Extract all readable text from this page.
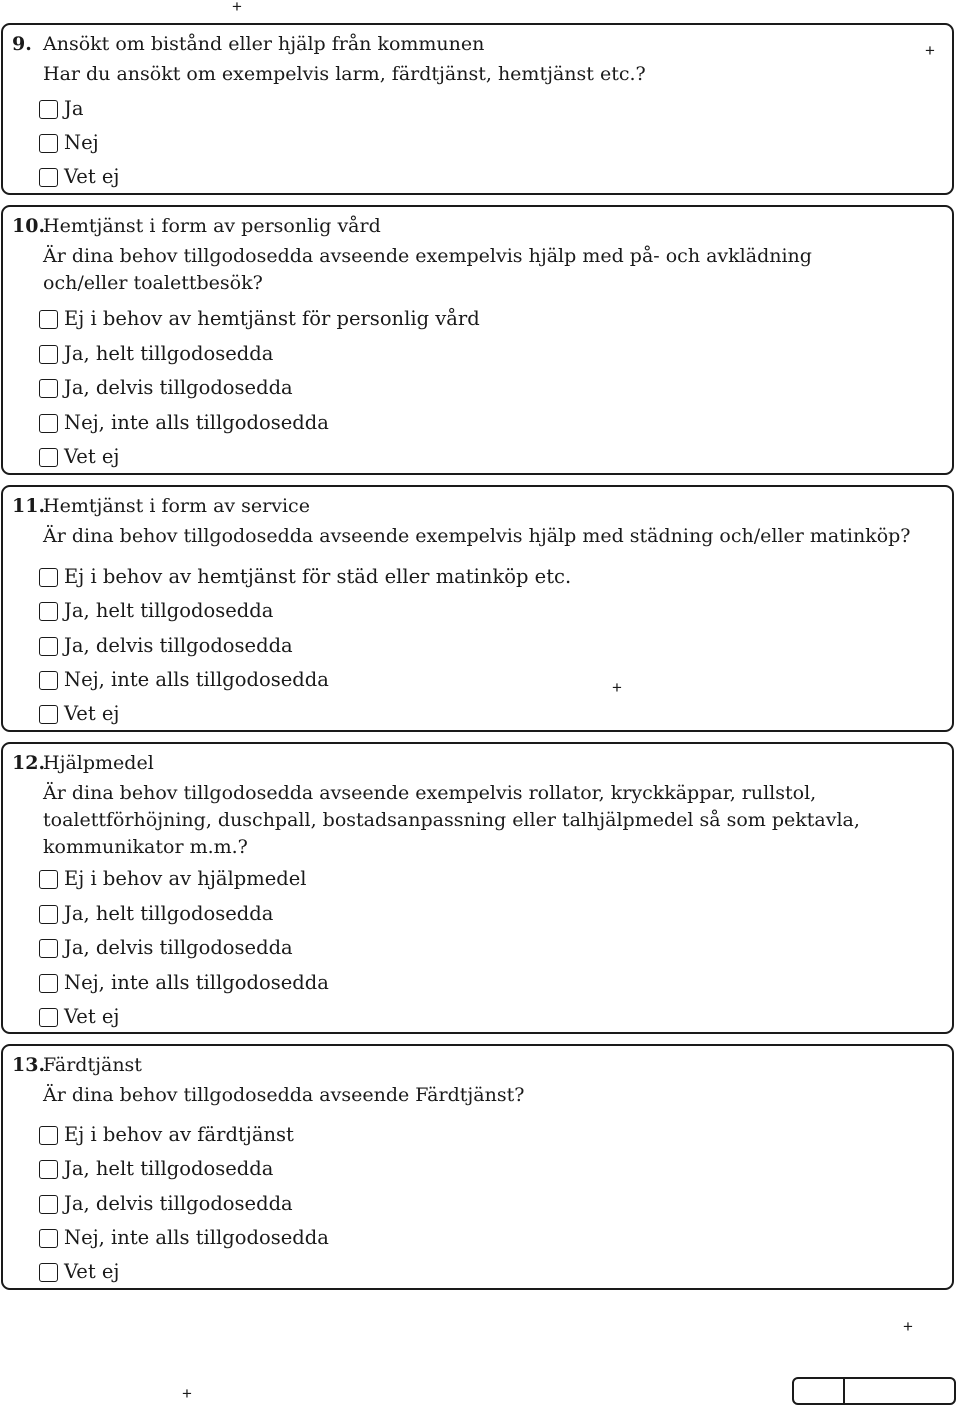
+
+
+
+
+
9. Ansökt om bistånd eller hjälp från kommunen
Har du ansökt om exempelvis larm, färdtjänst, hemtjänst etc.?
Ja
Nej
Vet ej
10.Hemtjänst i form av personlig vård
Är dina behov tillgodosedda avseende exempelvis hjälp med på- och avklädning
och/eller toalettbesök?
Ej i behov av hemtjänst för personlig vård
Ja, helt tillgodosedda
Ja, delvis tillgodosedda
Nej, inte alls tillgodosedda
Vet ej
11.Hemtjänst i form av service
Är dina behov tillgodosedda avseende exempelvis hjälp med städning och/eller matinköp?
Ej i behov av hemtjänst för städ eller matinköp etc.
Ja, helt tillgodosedda
Ja, delvis tillgodosedda
Nej, inte alls tillgodosedda
Vet ej
12.Hjälpmedel
Är dina behov tillgodosedda avseende exempelvis rollator, kryckkäppar, rullstol,
toalettförhöjning, duschpall, bostadsanpassning eller talhjälpmedel så som pektavla,
kommunikator m.m.?
Ej i behov av hjälpmedel
Ja, helt tillgodosedda
Ja, delvis tillgodosedda
Nej, inte alls tillgodosedda
Vet ej
13.Färdtjänst
Är dina behov tillgodosedda avseende Färdtjänst?
Ej i behov av färdtjänst
Ja, helt tillgodosedda
Ja, delvis tillgodosedda
Nej, inte alls tillgodosedda
Vet ej
